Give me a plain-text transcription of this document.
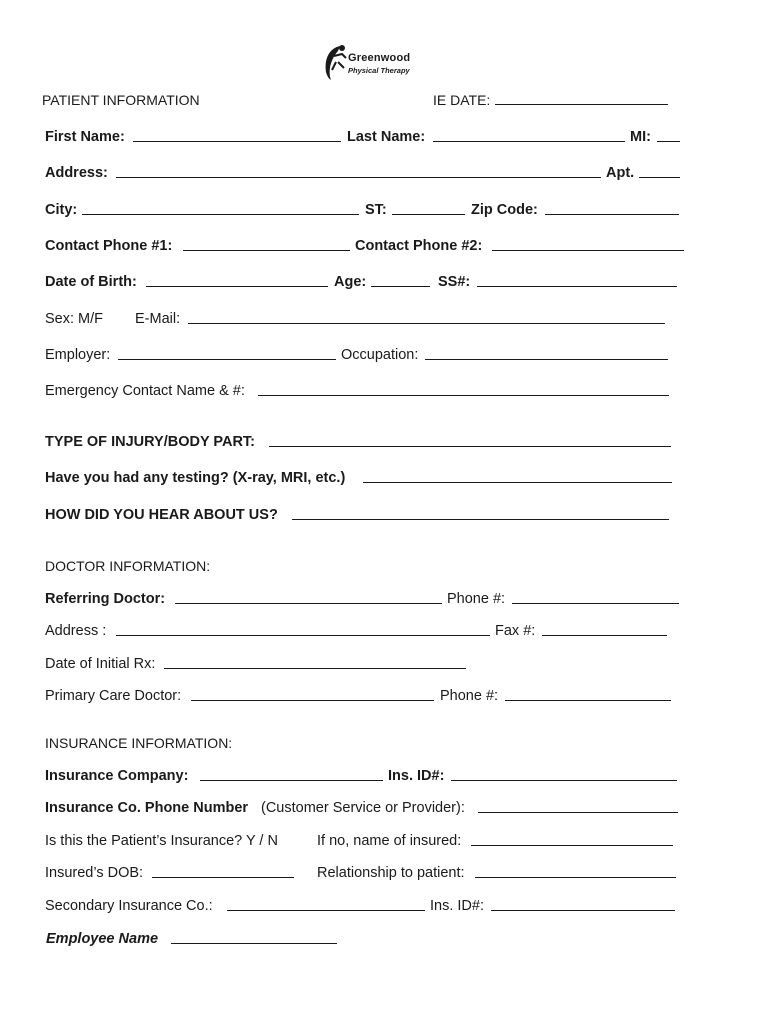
Greenwood
Physical Therapy
PATIENT INFORMATION	IE DATE:
First Name:	Last Name:	MI:
Address:	Apt.
City:	ST:	Zip Code:
Contact Phone #1:	Contact Phone #2:
Date of Birth:	Age:	SS#:
Sex: M/F E-Mail:
Employer:	Occupation:
Emergency Contact Name & #:
TYPE OF INJURY/BODY PART:
Have you had any testing? (X-ray, MRI, etc.)
HOW DID YOU HEAR ABOUT US?
DOCTOR INFORMATION:
Referring Doctor:	Phone #:
Address :	Fax #:
Date of Initial Rx:
Primary Care Doctor:	Phone #:
INSURANCE INFORMATION:
Insurance Company:	Ins. ID#:
Insurance Co. Phone Number (Customer Service or Provider):
Is this the Patient’s Insurance? Y / N	If no, name of insured:
Insured’s DOB:	Relationship to patient:
Secondary Insurance Co.:	Ins. ID#:
Employee Name
